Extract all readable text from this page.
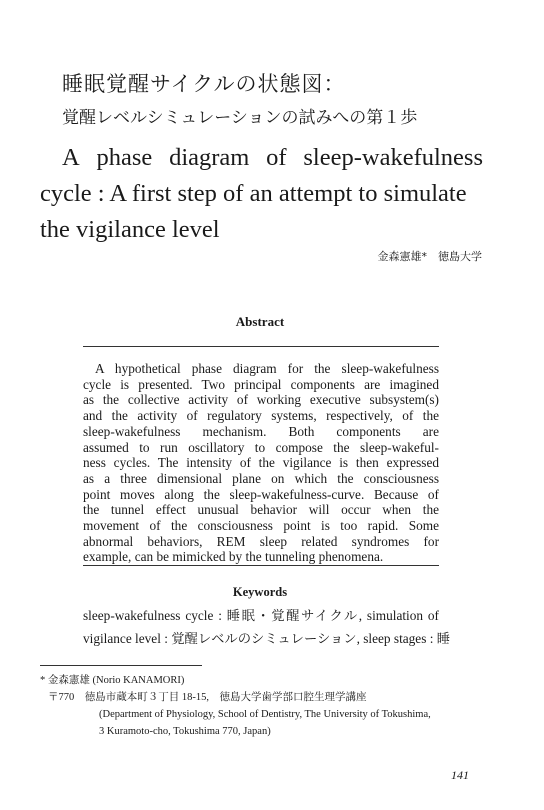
睡眠覚醒サイクルの状態図：
覚醒レベルシミュレーションの試みへの第１歩
A phase diagram of sleep-wakefulness
cycle : A first step of an attempt to simulate
the vigilance level
金森憲雄*　徳島大学
Abstract
A hypothetical phase diagram for the sleep-wakefulness
cycle is presented. Two principal components are imagined
as the collective activity of working executive subsystem(s)
and the activity of regulatory systems, respectively, of the
sleep-wakefulness mechanism. Both components are
assumed to run oscillatory to compose the sleep-wakeful-
ness cycles. The intensity of the vigilance is then expressed
as a three dimensional plane on which the consciousness
point moves along the sleep-wakefulness-curve. Because of
the tunnel effect unusual behavior will occur when the
movement of the consciousness point is too rapid. Some
abnormal behaviors, REM sleep related syndromes for
example, can be mimicked by the tunneling phenomena.
Keywords
sleep-wakefulness cycle : 睡眠・覚醒サイクル, simulation of
vigilance level : 覚醒レベルのシミュレーション, sleep stages : 睡
* 金森憲雄 (Norio KANAMORI)
〒770　徳島市蔵本町３丁目 18-15,　徳島大学歯学部口腔生理学講座
(Department of Physiology, School of Dentistry, The University of Tokushima,
3 Kuramoto-cho, Tokushima 770, Japan)
141
